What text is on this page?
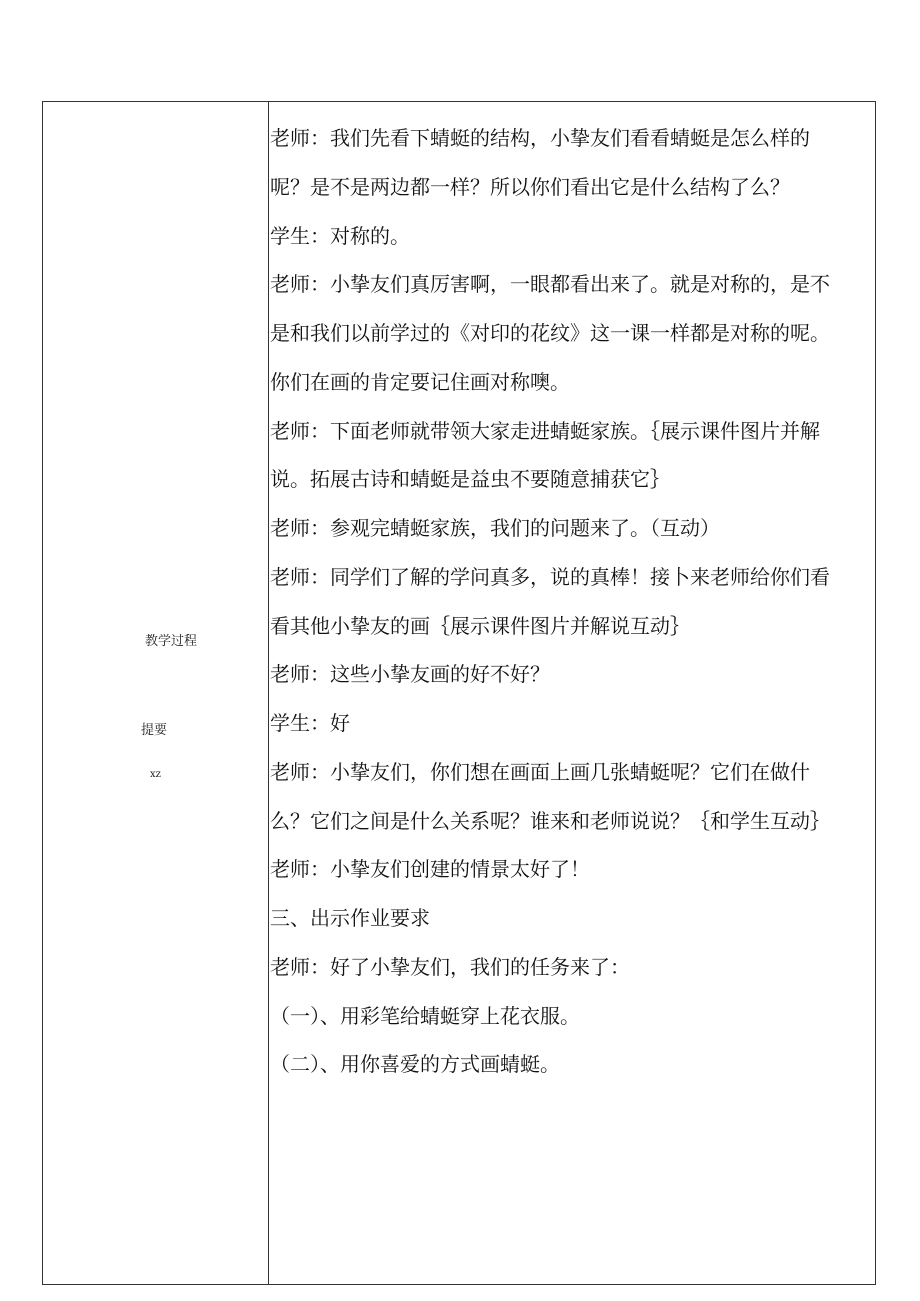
教学过程
提要
xz
老师：我们先看下蜻蜓的结构，小挚友们看看蜻蜓是怎么样的
呢？是不是两边都一样？所以你们看出它是什么结构了么？
学生：对称的。
老师：小挚友们真厉害啊，一眼都看出来了。就是对称的，是不
是和我们以前学过的《对印的花纹》这一课一样都是对称的呢。
你们在画的肯定要记住画对称噢。
老师：下面老师就带领大家走进蜻蜓家族。｛展示课件图片并解
说。拓展古诗和蜻蜓是益虫不要随意捕获它｝
老师：参观完蜻蜓家族，我们的问题来了。（互动）
老师：同学们了解的学问真多，说的真棒！接卜来老师给你们看
看其他小挚友的画｛展示课件图片并解说互动｝
老师：这些小挚友画的好不好？
学生：好
老师：小挚友们，你们想在画面上画几张蜻蜓呢？它们在做什
么？它们之间是什么关系呢？谁来和老师说说？｛和学生互动｝
老师：小挚友们创建的情景太好了！
三、出示作业要求
老师：好了小挚友们，我们的任务来了：
（一）、用彩笔给蜻蜓穿上花衣服。
（二）、用你喜爱的方式画蜻蜓。
